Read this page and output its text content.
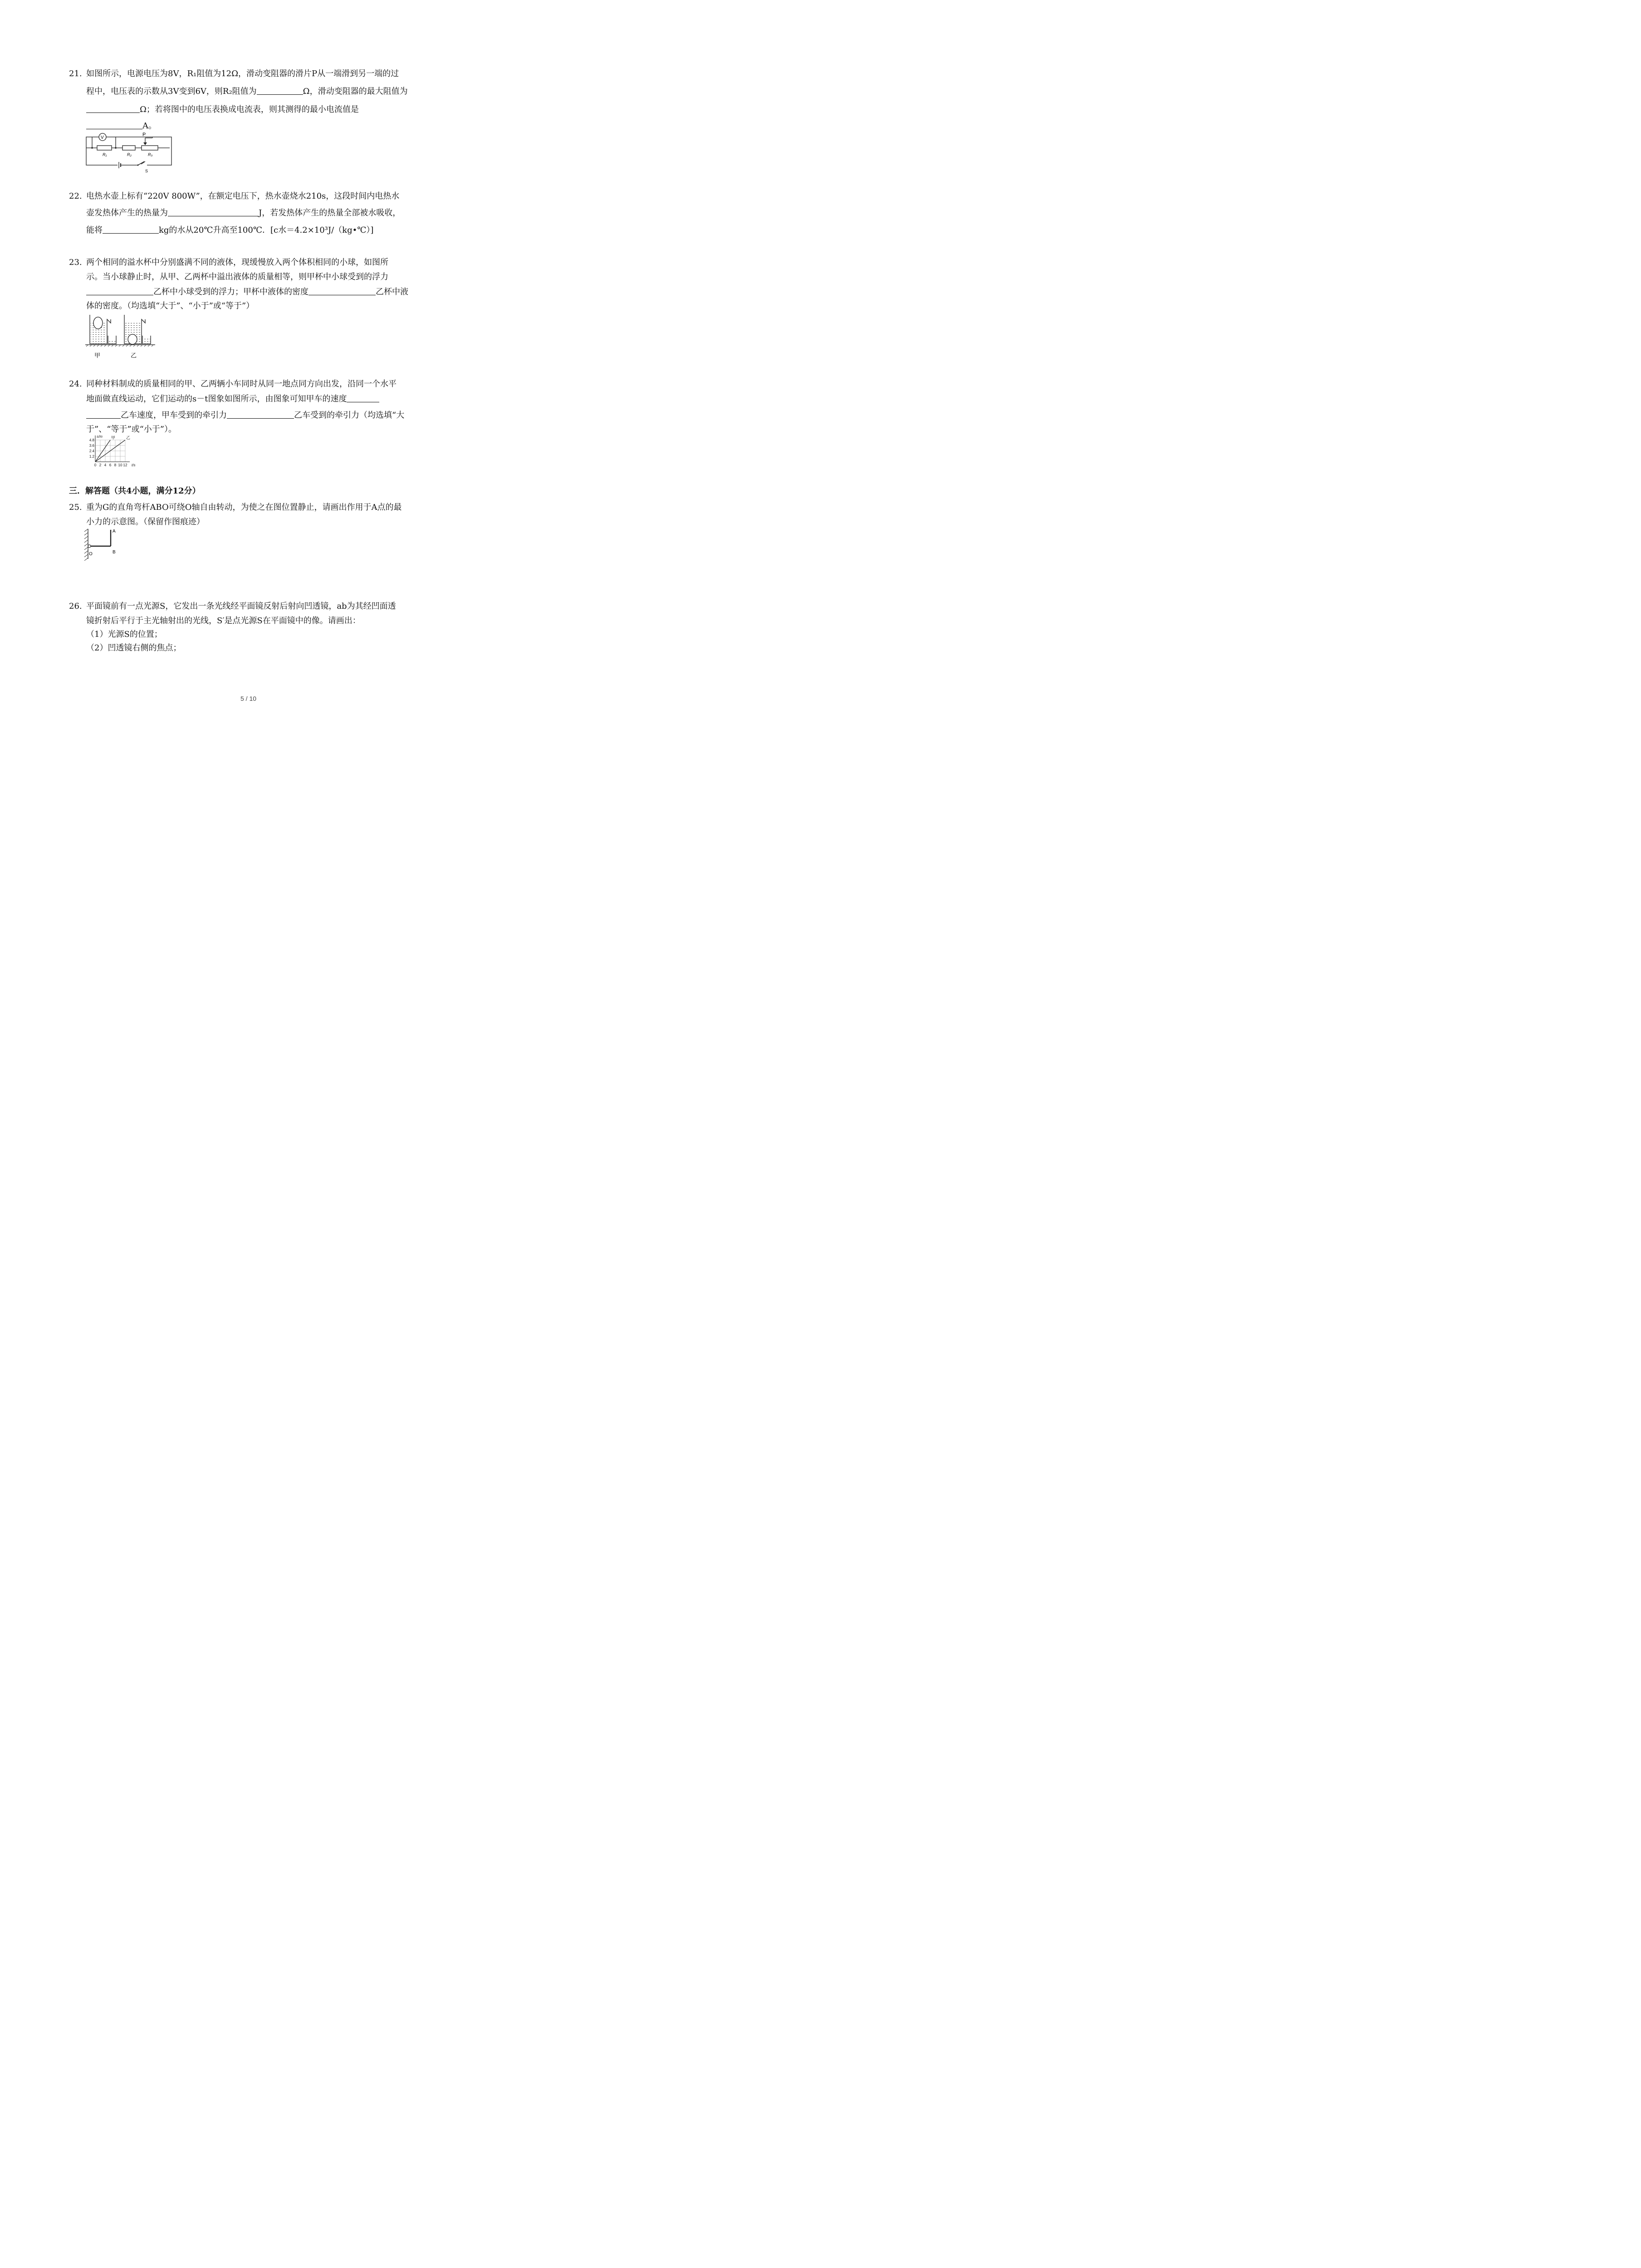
21. 如图所示，电源电压为8V，R₁阻值为12Ω，滑动变阻器的滑片P从一端滑到另一端的过
程中，电压表的示数从3V变到6V，则R₂阻值为	Ω，滑动变阻器的最大阻值为
Ω；若将图中的电压表换成电流表，则其测得的最小电流值是
A。
V
P
R₁	R₂	R₃
S
22. 电热水壶上标有“220V 800W”，在额定电压下，热水壶烧水210s，这段时间内电热水
壶发热体产生的热量为	J，若发热体产生的热量全部被水吸收，
能将	kg的水从20℃升高至100℃．[c水＝4.2×10³J/（kg•℃）]
23. 两个相同的溢水杯中分别盛满不同的液体，现缓慢放入两个体积相同的小球，如图所
示。当小球静止时，从甲、乙两杯中溢出液体的质量相等，则甲杯中小球受到的浮力
乙杯中小球受到的浮力；甲杯中液体的密度	乙杯中液
体的密度。（均选填“大于”、“小于”或“等于”）
甲	乙
24. 同种材料制成的质量相同的甲、乙两辆小车同时从同一地点同方向出发，沿同一个水平
地面做直线运动，它们运动的s－t图象如图所示，由图象可知甲车的速度
乙车速度，甲车受到的牵引力	乙车受到的牵引力（均选填“大
于”、“等于”或“小于”）。
1.2
2.4
3.6
4.8
0 2 4 6 8 10 12
s/m
t/s
甲	乙
三．解答题（共4小题，满分12分）
25. 重为G的直角弯杆ABO可绕O轴自由转动，为使之在图位置静止，请画出作用于A点的最
小力的示意图。（保留作图痕迹）
A
B
O
26. 平面镜前有一点光源S，它发出一条光线经平面镜反射后射向凹透镜，ab为其经凹面透
镜折射后平行于主光轴射出的光线，S′是点光源S在平面镜中的像。请画出：
（1）光源S的位置；
（2）凹透镜右侧的焦点；
5 / 10
